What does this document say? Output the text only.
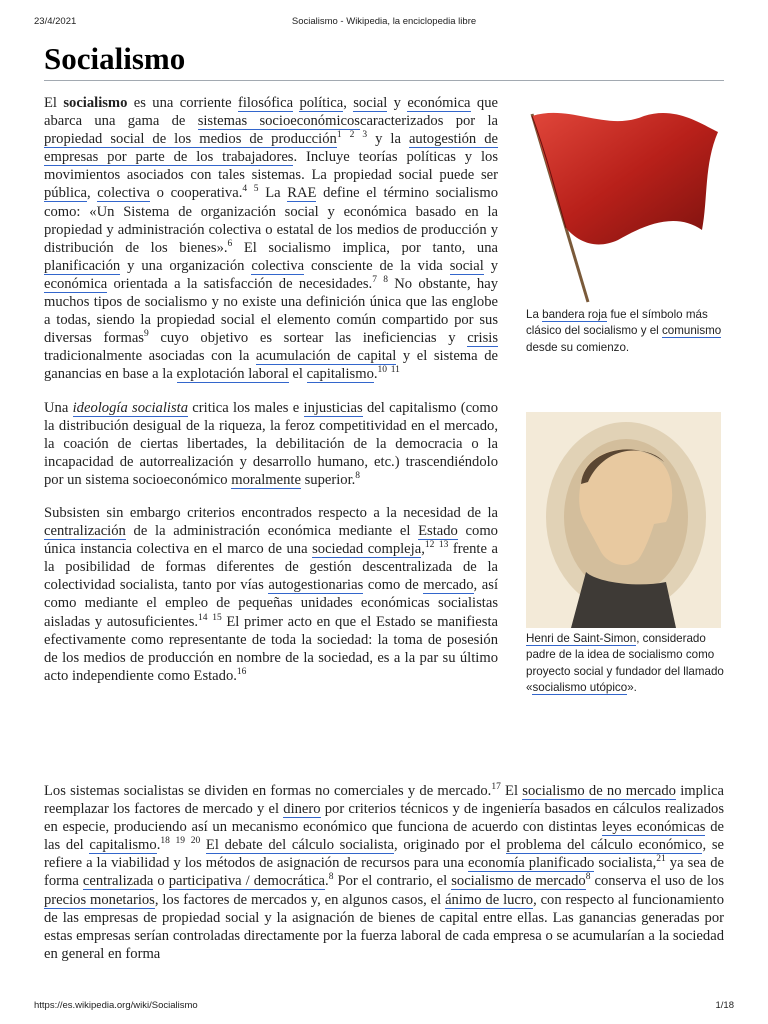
23/4/2021	Socialismo - Wikipedia, la enciclopedia libre
Socialismo

El socialismo es una corriente filosófica política, social y económica que abarca una gama de sistemas socioeconómicoscaracterizados por la propiedad social de los medios de producción$^1$ $^2$ $^3$ y la autogestión de empresas por parte de los trabajadores. Incluye teorías políticas y los movimientos asociados con tales sistemas. La propiedad social puede ser pública, colectiva o cooperativa.$^4$ $^5$ La RAE define el término socialismo como: «Un Sistema de organización social y económica basado en la propiedad y administración colectiva o estatal de los medios de producción y distribución de los bienes».$^6$ El socialismo implica, por tanto, una planificación y una organización colectiva consciente de la vida social y económica orientada a la satisfacción de necesidades.$^7$ $^8$ No obstante, hay muchos tipos de socialismo y no existe una definición única que las englobe a todas, siendo la propiedad social el elemento común compartido por sus diversas formas$^9$ cuyo objetivo es sortear las ineficiencias y crisis tradicionalmente asociadas con la acumulación de capital y el sistema de ganancias en base a la explotación laboral el capitalismo.$^{10}$ $^{11}$

Una ideología socialista critica los males e injusticias del capitalismo (como la distribución desigual de la riqueza, la feroz competitividad en el mercado, la coación de ciertas libertades, la debilitación de la democracia o la incapacidad de autorrealización y desarrollo humano, etc.) trascendiéndolo por un sistema socioeconómico moralmente superior.$^8$

Subsisten sin embargo criterios encontrados respecto a la necesidad de la centralización de la administración económica mediante el Estado como única instancia colectiva en el marco de una sociedad compleja,$^{12}$ $^{13}$ frente a la posibilidad de formas diferentes de gestión descentralizada de la colectividad socialista, tanto por vías autogestionarias como de mercado, así como mediante el empleo de pequeñas unidades económicas socialistas aisladas y autosuficientes.$^{14}$ $^{15}$ El primer acto en que el Estado se manifiesta efectivamente como representante de toda la sociedad: la toma de posesión de los medios de producción en nombre de la sociedad, es a la par su último acto independiente como Estado.$^{16}$

La bandera roja fue el símbolo más clásico del socialismo y el comunismo desde su comienzo.
Henri de Saint-Simon, considerado padre de la idea de socialismo como proyecto social y fundador del llamado «socialismo utópico».

Los sistemas socialistas se dividen en formas no comerciales y de mercado.$^{17}$ El socialismo de no mercado implica reemplazar los factores de mercado y el dinero por criterios técnicos y de ingeniería basados en cálculos realizados en especie, produciendo así un mecanismo económico que funciona de acuerdo con distintas leyes económicas de las del capitalismo.$^{18}$ $^{19}$ $^{20}$ El debate del cálculo socialista, originado por el problema del cálculo económico, se refiere a la viabilidad y los métodos de asignación de recursos para una economía planificado socialista,$^{21}$ ya sea de forma centralizada o participativa / democrática.$^8$ Por el contrario, el socialismo de mercado$^8$ conserva el uso de los precios monetarios, los factores de mercados y, en algunos casos, el ánimo de lucro, con respecto al funcionamiento de las empresas de propiedad social y la asignación de bienes de capital entre ellas. Las ganancias generadas por estas empresas serían controladas directamente por la fuerza laboral de cada empresa o se acumularían a la sociedad en general en forma

https://es.wikipedia.org/wiki/Socialismo	1/18
